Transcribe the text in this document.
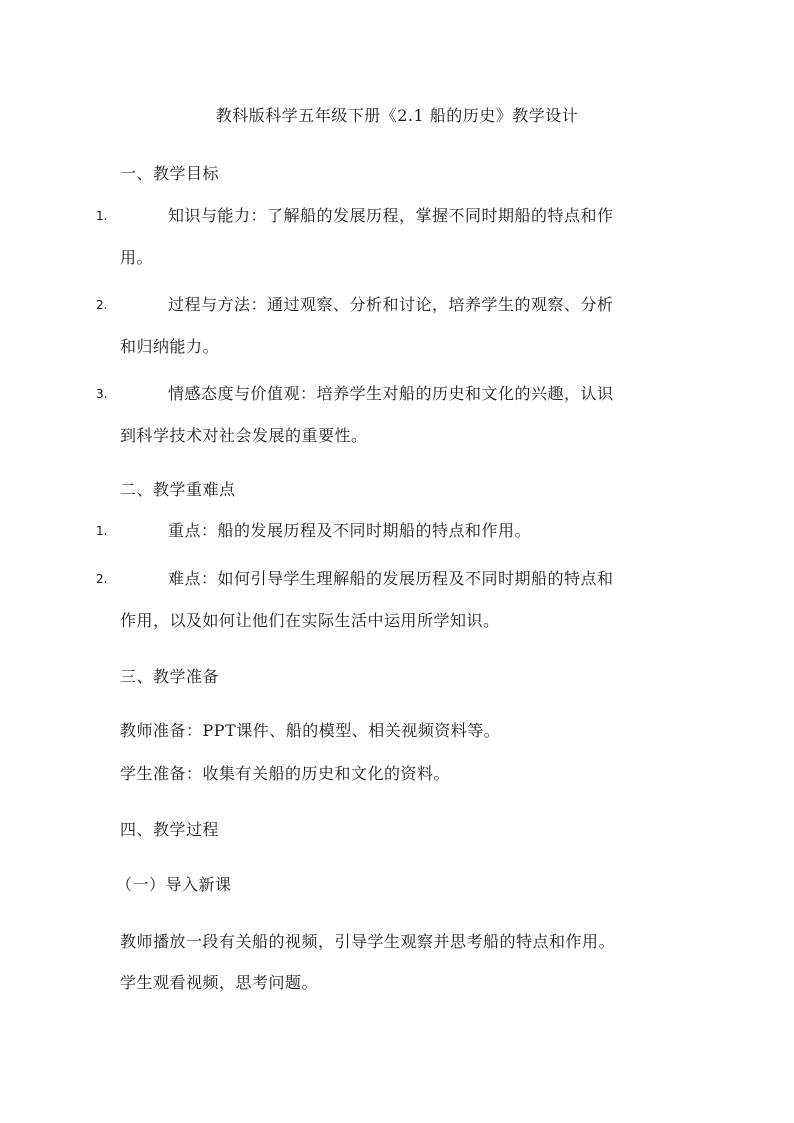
教科版科学五年级下册《2.1 船的历史》教学设计
一、教学目标
1.	知识与能力：了解船的发展历程，掌握不同时期船的特点和作
用。
2.	过程与方法：通过观察、分析和讨论，培养学生的观察、分析
和归纳能力。
3.	情感态度与价值观：培养学生对船的历史和文化的兴趣，认识
到科学技术对社会发展的重要性。
二、教学重难点
1.	重点：船的发展历程及不同时期船的特点和作用。
2.	难点：如何引导学生理解船的发展历程及不同时期船的特点和
作用，以及如何让他们在实际生活中运用所学知识。
三、教学准备
教师准备：PPT课件、船的模型、相关视频资料等。
学生准备：收集有关船的历史和文化的资料。
四、教学过程
（一）导入新课
教师播放一段有关船的视频，引导学生观察并思考船的特点和作用。
学生观看视频，思考问题。
